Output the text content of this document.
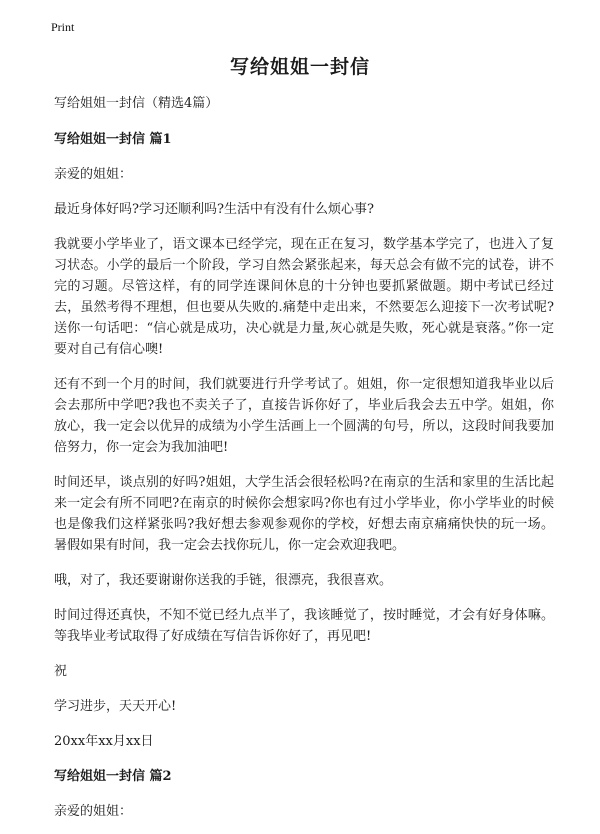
Print
写给姐姐一封信

写给姐姐一封信（精选4篇）

写给姐姐一封信 篇1

亲爱的姐姐：

最近身体好吗?学习还顺利吗?生活中有没有什么烦心事?

我就要小学毕业了，语文课本已经学完，现在正在复习，数学基本学完了，也进入了复习状态。小学的最后一个阶段，学习自然会紧张起来，每天总会有做不完的试卷，讲不完的习题。尽管这样，有的同学连课间休息的十分钟也要抓紧做题。期中考试已经过去，虽然考得不理想，但也要从失败的.痛楚中走出来，不然要怎么迎接下一次考试呢?送你一句话吧：“信心就是成功，决心就是力量,灰心就是失败，死心就是衰落。”你一定要对自己有信心噢!

还有不到一个月的时间，我们就要进行升学考试了。姐姐，你一定很想知道我毕业以后会去那所中学吧?我也不卖关子了，直接告诉你好了，毕业后我会去五中学。姐姐，你放心，我一定会以优异的成绩为小学生活画上一个圆满的句号，所以，这段时间我要加倍努力，你一定会为我加油吧!

时间还早，谈点别的好吗?姐姐，大学生活会很轻松吗?在南京的生活和家里的生活比起来一定会有所不同吧?在南京的时候你会想家吗?你也有过小学毕业，你小学毕业的时候也是像我们这样紧张吗?我好想去参观参观你的学校，好想去南京痛痛快快的玩一场。暑假如果有时间，我一定会去找你玩儿，你一定会欢迎我吧。

哦，对了，我还要谢谢你送我的手链，很漂亮，我很喜欢。

时间过得还真快，不知不觉已经九点半了，我该睡觉了，按时睡觉，才会有好身体嘛。等我毕业考试取得了好成绩在写信告诉你好了，再见吧!

祝

学习进步，天天开心!

20xx年xx月xx日

写给姐姐一封信 篇2

亲爱的姐姐：
